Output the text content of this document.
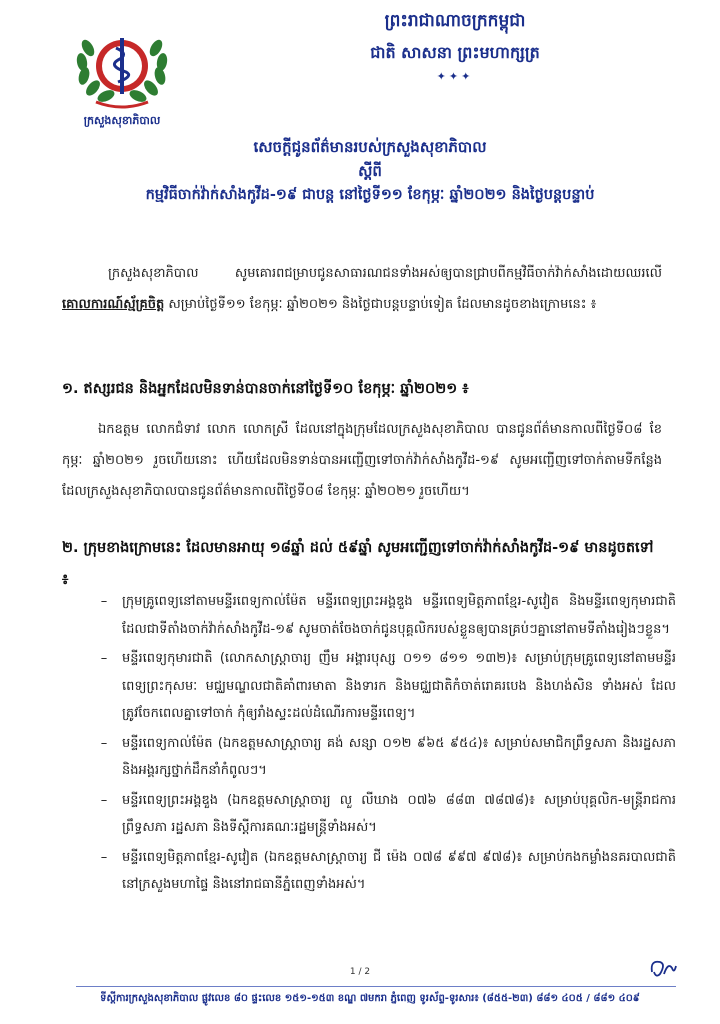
ក្រសួងសុខាភិបាល
ព្រះរាជាណាចក្រកម្ពុជា
ជាតិ សាសនា ព្រះមហាក្សត្រ
✦✦✦
សេចក្តីជូនព័ត៌មានរបស់ក្រសួងសុខាភិបាល
ស្តីពី
កម្មវិធីចាក់វ៉ាក់សាំងកូវីដ-១៩ ជាបន្ត នៅថ្ងៃទី១១ ខែកុម្ភៈ ឆ្នាំ២០២១ និងថ្ងៃបន្តបន្ទាប់
ក្រសួងសុខាភិបាល សូមគោរពជម្រាបជូនសាធារណជនទាំងអស់ឲ្យបានជ្រាបពីកម្មវិធីចាក់វ៉ាក់សាំងដោយឈរលើ គោលការណ៍ស្ម័គ្រចិត្ត សម្រាប់ថ្ងៃទី១១ ខែកុម្ភៈ ឆ្នាំ២០២១ និងថ្ងៃជាបន្តបន្ទាប់ទៀត ដែលមានដូចខាងក្រោមនេះ ៖
១. ឥស្សរជន និងអ្នកដែលមិនទាន់បានចាក់នៅថ្ងៃទី១០ ខែកុម្ភៈ ឆ្នាំ២០២១ ៖
ឯកឧត្តម លោកជំទាវ លោក លោកស្រី ដែលនៅក្នុងក្រុមដែលក្រសួងសុខាភិបាល បានជូនព័ត៌មានកាលពីថ្ងៃទី០៨ ខែកុម្ភៈ ឆ្នាំ២០២១ រួចហើយនោះ ហើយដែលមិនទាន់បានអញ្ជើញទៅចាក់វ៉ាក់សាំងកូវីដ-១៩ សូមអញ្ជើញទៅចាក់តាមទីកន្លែងដែលក្រសួងសុខាភិបាលបានជូនព័ត៌មានកាលពីថ្ងៃទី០៨ ខែកុម្ភៈ ឆ្នាំ២០២១ រួចហើយ។
២. ក្រុមខាងក្រោមនេះ ដែលមានអាយុ ១៨ឆ្នាំ ដល់ ៥៩ឆ្នាំ សូមអញ្ជើញទៅចាក់វ៉ាក់សាំងកូវីដ-១៩ មានដូចតទៅ ៖
–	ក្រុមគ្រូពេទ្យនៅតាមមន្ទីរពេទ្យកាល់ម៉ែត មន្ទីរពេទ្យព្រះអង្គឌួង មន្ទីរពេទ្យមិត្តភាពខ្មែរ-សូវៀត និងមន្ទីរពេទ្យកុមារជាតិ ដែលជាទីតាំងចាក់វ៉ាក់សាំងកូវីដ-១៩ សូមចាត់ចែងចាក់ជូនបុគ្គលិករបស់ខ្លួនឲ្យបានគ្រប់ៗគ្នានៅតាមទីតាំងរៀងៗខ្លួន។
–	មន្ទីរពេទ្យកុមារជាតិ (លោកសាស្ត្រាចារ្យ ញឹម អង្គារបុស្ស ០១១ ៨១១ ១៣២)៖ សម្រាប់ក្រុមគ្រូពេទ្យនៅតាមមន្ទីរពេទ្យព្រះកុសមៈ មជ្ឈមណ្ឌលជាតិគាំពារមាតា និងទារក និងមជ្ឈជាតិកំចាត់រោគរបេង និងហង់សិន ទាំងអស់ ដែលត្រូវចែកពេលគ្នាទៅចាក់ កុំឲ្យរាំងស្ទះដល់ដំណើរការមន្ទីរពេទ្យ។
–	មន្ទីរពេទ្យកាល់ម៉ែត (ឯកឧត្តមសាស្ត្រាចារ្យ គង់ សន្សា ០១២ ៩៦៥ ៩៥៤)៖ សម្រាប់សមាជិកព្រឹទ្ធសភា និងរដ្ឋសភា និងអង្គរក្សថ្នាក់ដឹកនាំកំពូលៗ។
–	មន្ទីរពេទ្យព្រះអង្គឌួង (ឯកឧត្តមសាស្ត្រាចារ្យ លួ លីឃាង ០៧៦ ៨៨៣ ៧៨៧៨)៖ សម្រាប់បុគ្គលិក-មន្ត្រីរាជការព្រឹទ្ធសភា រដ្ឋសភា និងទីស្តីការគណៈរដ្ឋមន្ត្រីទាំងអស់។
–	មន្ទីរពេទ្យមិត្តភាពខ្មែរ-សូវៀត (ឯកឧត្តមសាស្ត្រាចារ្យ ជី ម៉េង ០៧៨ ៩៩៧ ៩៧៨)៖ សម្រាប់កងកម្លាំងនគរបាលជាតិនៅក្រសួងមហាផ្ទៃ និងនៅរាជធានីភ្នំពេញទាំងអស់។
1 / 2
ទីស្តីការក្រសួងសុខាភិបាល ផ្លូវលេខ ៨០ ផ្ទះលេខ ១៥១-១៥៣ ខណ្ឌ ៧មករា ភ្នំពេញ ទូរស័ព្ទ-ទូរសារ៖ (៨៥៥-២៣) ៨៨១ ៤០៥ / ៨៨១ ៤០៩
